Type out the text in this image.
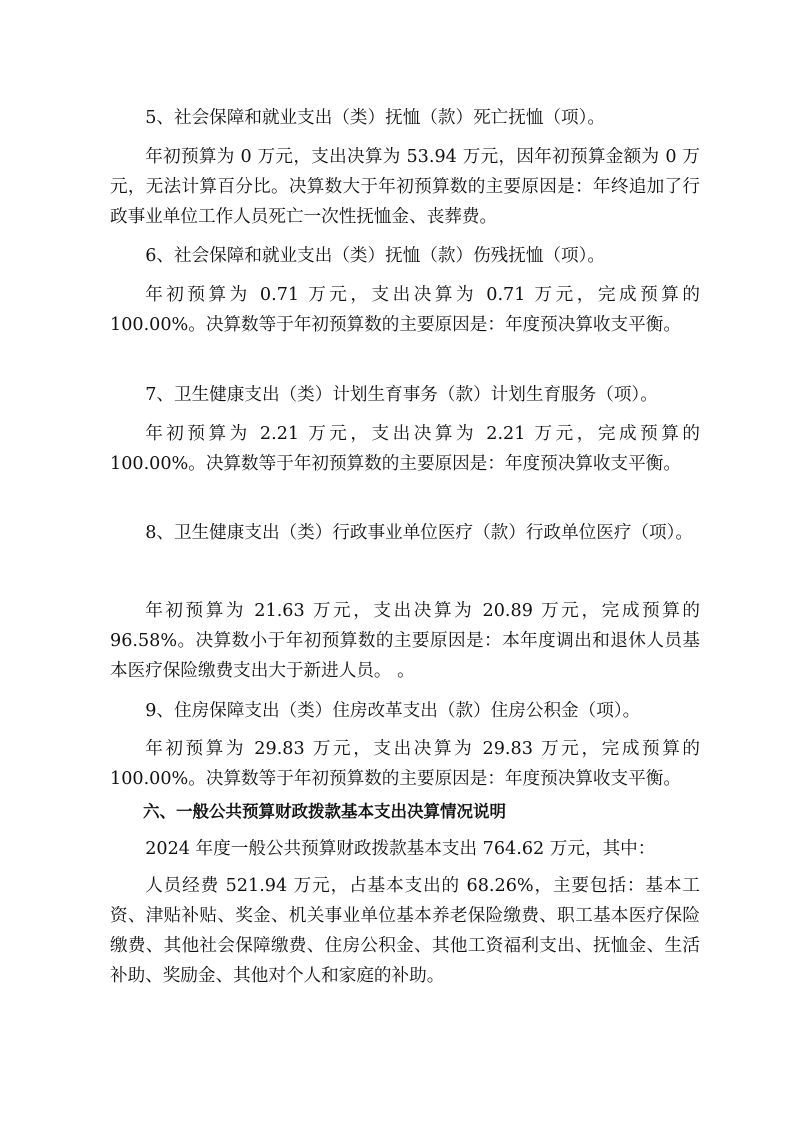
5、社会保障和就业支出（类）抚恤（款）死亡抚恤（项）。

年初预算为 0 万元，支出决算为 53.94 万元，因年初预算金额为 0 万元，无法计算百分比。决算数大于年初预算数的主要原因是：年终追加了行政事业单位工作人员死亡一次性抚恤金、丧葬费。

6、社会保障和就业支出（类）抚恤（款）伤残抚恤（项）。

年初预算为 0.71 万元，支出决算为 0.71 万元，完成预算的 100.00%。决算数等于年初预算数的主要原因是：年度预决算收支平衡。

7、卫生健康支出（类）计划生育事务（款）计划生育服务（项）。

年初预算为 2.21 万元，支出决算为 2.21 万元，完成预算的 100.00%。决算数等于年初预算数的主要原因是：年度预决算收支平衡。

8、卫生健康支出（类）行政事业单位医疗（款）行政单位医疗（项）。

年初预算为 21.63 万元，支出决算为 20.89 万元，完成预算的 96.58%。决算数小于年初预算数的主要原因是：本年度调出和退休人员基本医疗保险缴费支出大于新进人员。 。

9、住房保障支出（类）住房改革支出（款）住房公积金（项）。

年初预算为 29.83 万元，支出决算为 29.83 万元，完成预算的 100.00%。决算数等于年初预算数的主要原因是：年度预决算收支平衡。

六、一般公共预算财政拨款基本支出决算情况说明

2024 年度一般公共预算财政拨款基本支出 764.62 万元，其中：

人员经费 521.94 万元，占基本支出的 68.26%，主要包括：基本工资、津贴补贴、奖金、机关事业单位基本养老保险缴费、职工基本医疗保险缴费、其他社会保障缴费、住房公积金、其他工资福利支出、抚恤金、生活补助、奖励金、其他对个人和家庭的补助。
